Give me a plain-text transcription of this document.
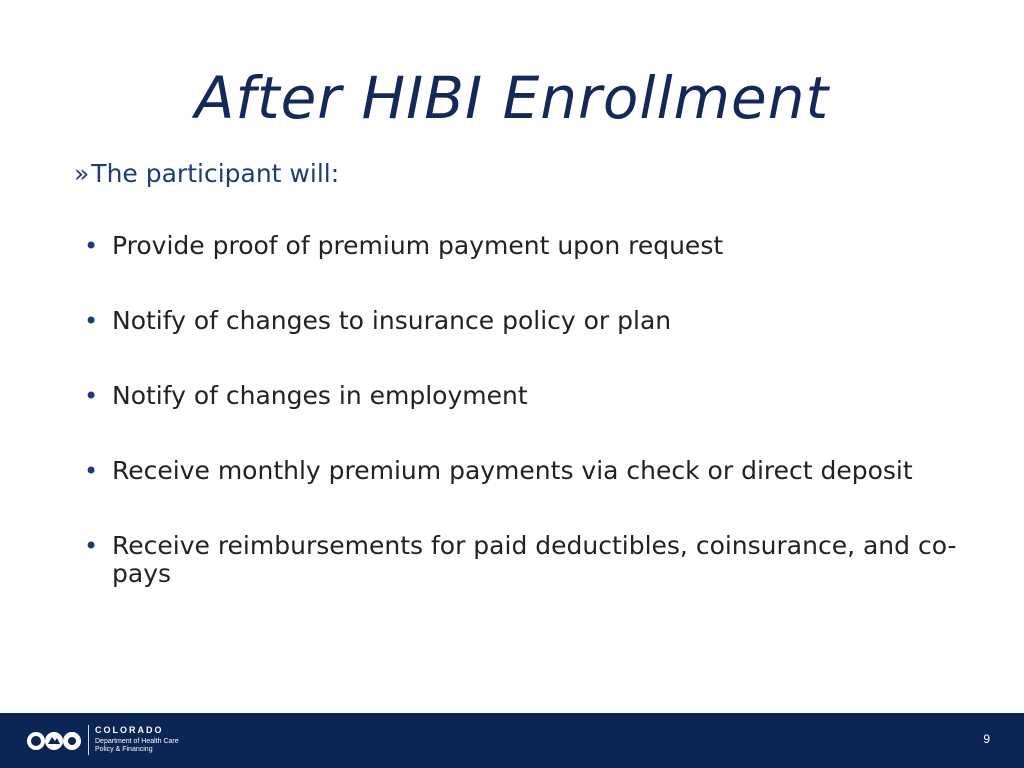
After HIBI Enrollment
»The participant will:
• Provide proof of premium payment upon request
• Notify of changes to insurance policy or plan
• Notify of changes in employment
• Receive monthly premium payments via check or direct deposit
• Receive reimbursements for paid deductibles, coinsurance, and co-pays
COLORADO
Department of Health Care
Policy & Financing
9
